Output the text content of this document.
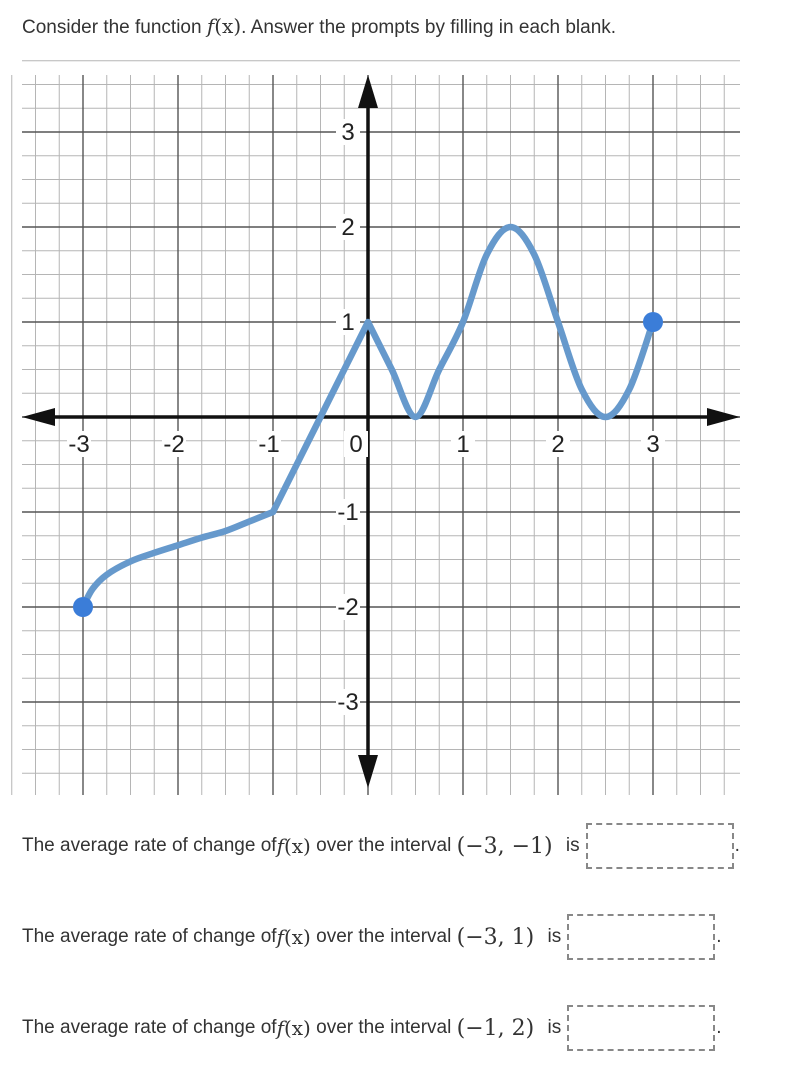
Consider the function f(x). Answer the prompts by filling in each blank.
-3	-2	-1	0	1	2	3
-3
-2
-1
1
2
3
The average rate of change of f (x) over the interval (−3, −1) is	.
The average rate of change of f (x) over the interval (−3, 1) is	.
The average rate of change of f (x) over the interval (−1, 2) is	.
